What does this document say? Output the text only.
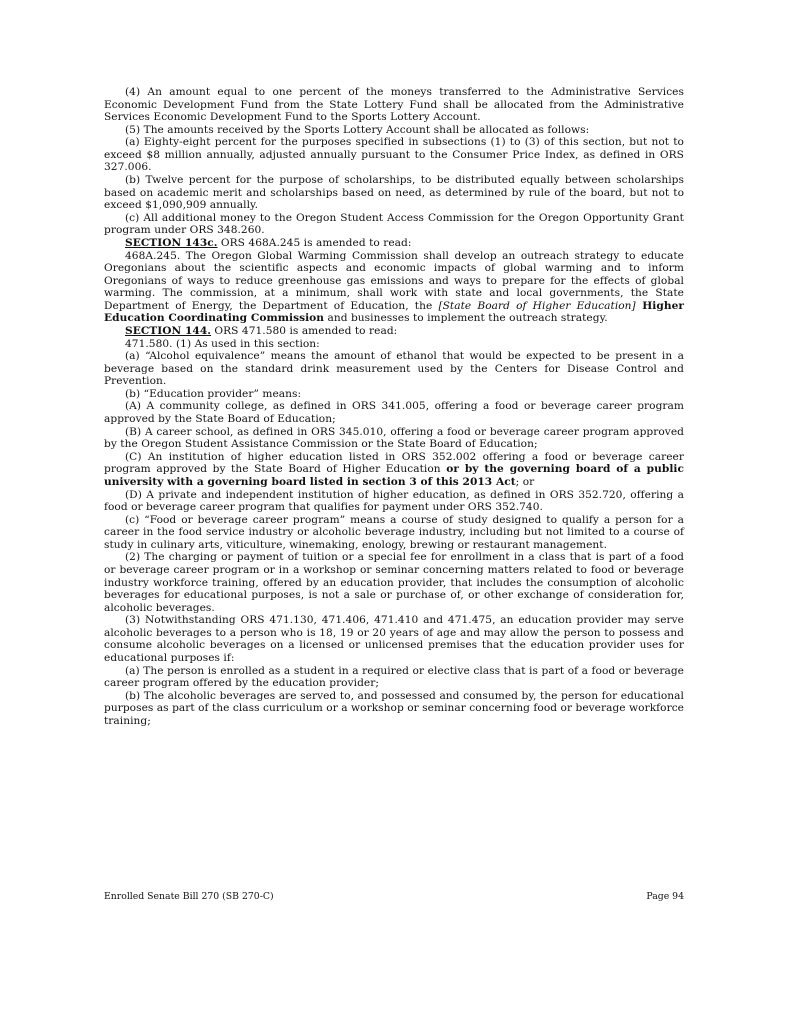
(4) An amount equal to one percent of the moneys transferred to the Administrative Services Economic Development Fund from the State Lottery Fund shall be allocated from the Administrative Services Economic Development Fund to the Sports Lottery Account.

(5) The amounts received by the Sports Lottery Account shall be allocated as follows:

(a) Eighty-eight percent for the purposes specified in subsections (1) to (3) of this section, but not to exceed $8 million annually, adjusted annually pursuant to the Consumer Price Index, as defined in ORS 327.006.

(b) Twelve percent for the purpose of scholarships, to be distributed equally between scholarships based on academic merit and scholarships based on need, as determined by rule of the board, but not to exceed $1,090,909 annually.

(c) All additional money to the Oregon Student Access Commission for the Oregon Opportunity Grant program under ORS 348.260.

SECTION 143c. ORS 468A.245 is amended to read:

468A.245. The Oregon Global Warming Commission shall develop an outreach strategy to educate Oregonians about the scientific aspects and economic impacts of global warming and to inform Oregonians of ways to reduce greenhouse gas emissions and ways to prepare for the effects of global warming. The commission, at a minimum, shall work with state and local governments, the State Department of Energy, the Department of Education, the [State Board of Higher Education] Higher Education Coordinating Commission and businesses to implement the outreach strategy.

SECTION 144. ORS 471.580 is amended to read:

471.580. (1) As used in this section:

(a) “Alcohol equivalence” means the amount of ethanol that would be expected to be present in a beverage based on the standard drink measurement used by the Centers for Disease Control and Prevention.

(b) “Education provider” means:

(A) A community college, as defined in ORS 341.005, offering a food or beverage career program approved by the State Board of Education;

(B) A career school, as defined in ORS 345.010, offering a food or beverage career program approved by the Oregon Student Assistance Commission or the State Board of Education;

(C) An institution of higher education listed in ORS 352.002 offering a food or beverage career program approved by the State Board of Higher Education or by the governing board of a public university with a governing board listed in section 3 of this 2013 Act; or

(D) A private and independent institution of higher education, as defined in ORS 352.720, offering a food or beverage career program that qualifies for payment under ORS 352.740.

(c) “Food or beverage career program” means a course of study designed to qualify a person for a career in the food service industry or alcoholic beverage industry, including but not limited to a course of study in culinary arts, viticulture, winemaking, enology, brewing or restaurant management.

(2) The charging or payment of tuition or a special fee for enrollment in a class that is part of a food or beverage career program or in a workshop or seminar concerning matters related to food or beverage industry workforce training, offered by an education provider, that includes the consumption of alcoholic beverages for educational purposes, is not a sale or purchase of, or other exchange of consideration for, alcoholic beverages.

(3) Notwithstanding ORS 471.130, 471.406, 471.410 and 471.475, an education provider may serve alcoholic beverages to a person who is 18, 19 or 20 years of age and may allow the person to possess and consume alcoholic beverages on a licensed or unlicensed premises that the education provider uses for educational purposes if:

(a) The person is enrolled as a student in a required or elective class that is part of a food or beverage career program offered by the education provider;

(b) The alcoholic beverages are served to, and possessed and consumed by, the person for educational purposes as part of the class curriculum or a workshop or seminar concerning food or beverage workforce training;

Enrolled Senate Bill 270 (SB 270-C)	Page 94
